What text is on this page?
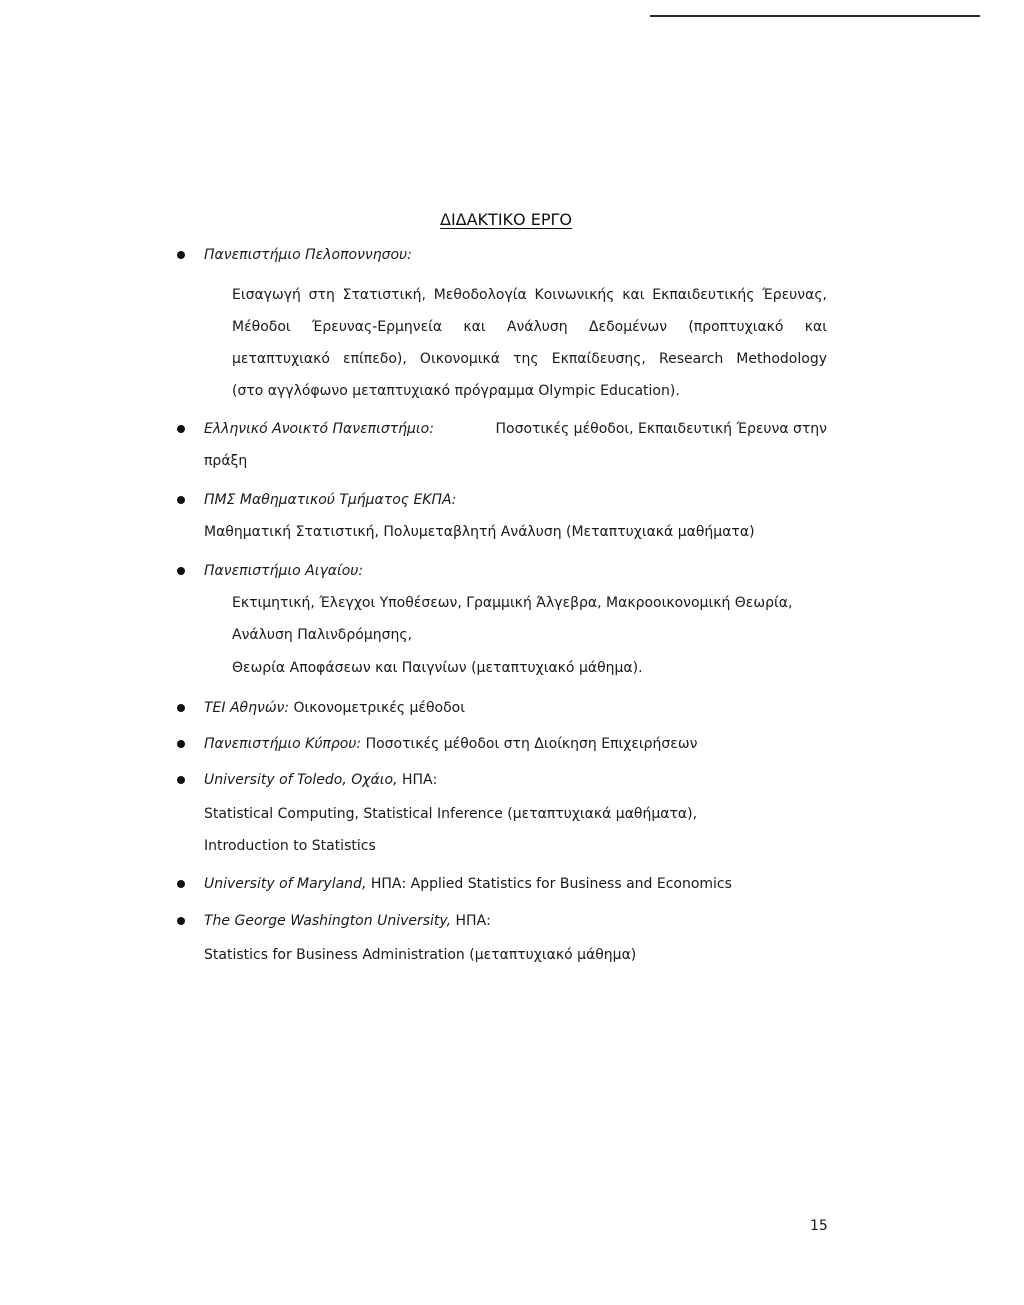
ΔΙΔΑΚΤΙΚΟ ΕΡΓΟ
Πανεπιστήμιο Πελοποννησου:
Εισαγωγή στη Στατιστική, Μεθοδολογία Κοινωνικής και Εκπαιδευτικής Έρευνας,
Μέθοδοι Έρευνας-Ερμηνεία και Ανάλυση Δεδομένων (προπτυχιακό και
μεταπτυχιακό επίπεδο), Οικονομικά της Εκπαίδευσης, Research Methodology
(στο αγγλόφωνο μεταπτυχιακό πρόγραμμα Olympic Education).
Ελληνικό Ανοικτό Πανεπιστήμιο:	Ποσοτικές μέθοδοι, Εκπαιδευτική Έρευνα στην
πράξη
ΠΜΣ Μαθηματικού Τμήματος ΕΚΠΑ:
Μαθηματική Στατιστική, Πολυμεταβλητή Ανάλυση (Μεταπτυχιακά μαθήματα)
Πανεπιστήμιο Αιγαίου:
Εκτιμητική, Έλεγχοι Υποθέσεων, Γραμμική Άλγεβρα, Μακροοικονομική Θεωρία,
Ανάλυση Παλινδρόμησης,
Θεωρία Αποφάσεων και Παιγνίων (μεταπτυχιακό μάθημα).
ΤΕΙ Αθηνών: Οικονομετρικές μέθοδοι
Πανεπιστήμιο Κύπρου: Ποσοτικές μέθοδοι στη Διοίκηση Επιχειρήσεων
University of Toledo, Οχάιο, ΗΠΑ:
Statistical Computing, Statistical Inference (μεταπτυχιακά μαθήματα),
Introduction to Statistics
University of Maryland, ΗΠΑ: Applied Statistics for Business and Economics
The George Washington University, ΗΠΑ:
Statistics for Business Administration (μεταπτυχιακό μάθημα)
15
